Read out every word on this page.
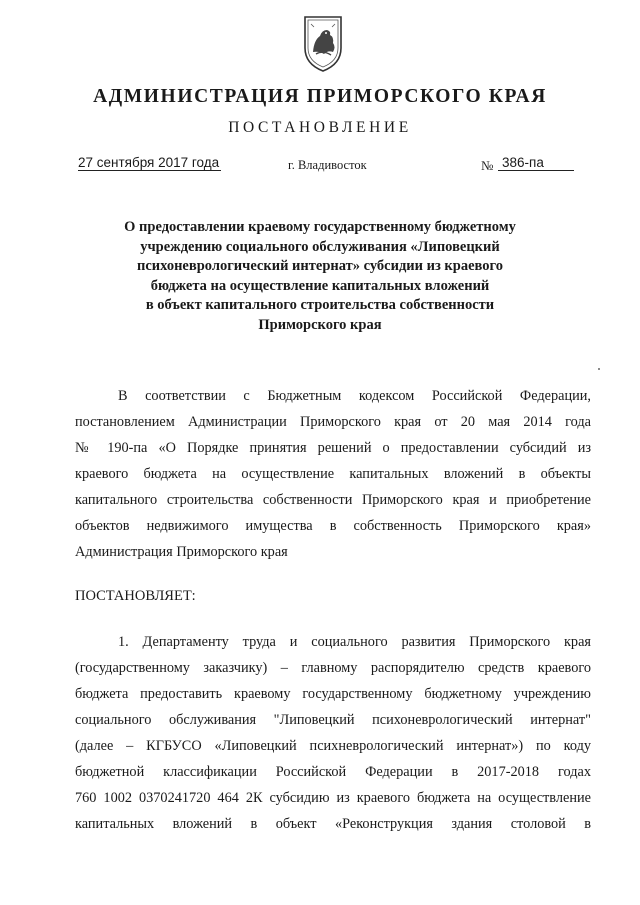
АДМИНИСТРАЦИЯ ПРИМОРСКОГО КРАЯ
ПОСТАНОВЛЕНИЕ
27 сентября 2017 года	г. Владивосток	№ 386-па
О предоставлении краевому государственному бюджетному
учреждению социального обслуживания «Липовецкий
психоневрологический интернат» субсидии из краевого
бюджета на осуществление капитальных вложений
в объект капитального строительства собственности
Приморского края
В соответствии с Бюджетным кодексом Российской Федерации,
постановлением Администрации Приморского края от 20 мая 2014 года
№ 190-па «О Порядке принятия решений о предоставлении субсидий из
краевого бюджета на осуществление капитальных вложений в объекты
капитального строительства собственности Приморского края и приобретение
объектов недвижимого имущества в собственность Приморского края»
Администрация Приморского края
ПОСТАНОВЛЯЕТ:
1. Департаменту труда и социального развития Приморского края
(государственному заказчику) – главному распорядителю средств краевого
бюджета предоставить краевому государственному бюджетному учреждению
социального обслуживания "Липовецкий психоневрологический интернат"
(далее – КГБУСО «Липовецкий психневрологический интернат») по коду
бюджетной классификации Российской Федерации в 2017-2018 годах
760 1002 0370241720 464 2К субсидию из краевого бюджета на осуществление
капитальных вложений в объект «Реконструкция здания столовой в
